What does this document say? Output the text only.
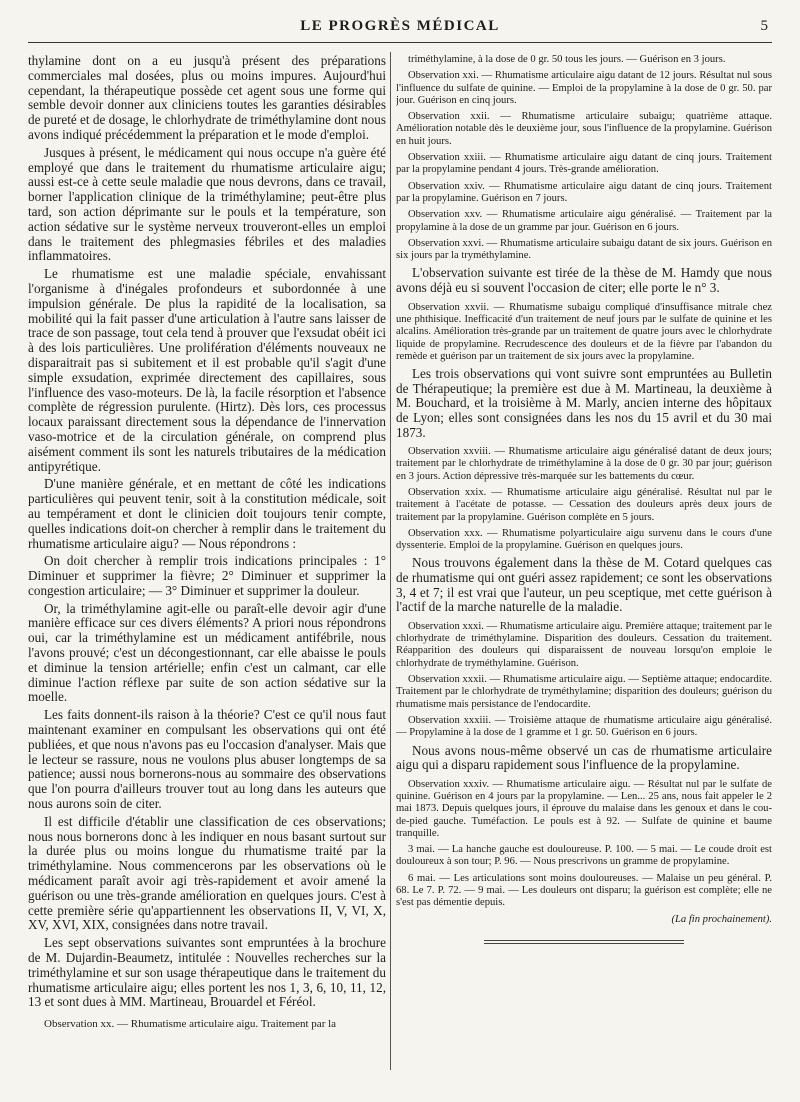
LE PROGRÈS MÉDICAL	5

thylamine dont on a eu jusqu'à présent des préparations commerciales mal dosées, plus ou moins impures. Aujourd'hui cependant, la thérapeutique possède cet agent sous une forme qui semble devoir donner aux cliniciens toutes les garanties désirables de pureté et de dosage, le chlorhydrate de triméthylamine dont nous avons indiqué précédemment la préparation et le mode d'emploi.

Jusques à présent, le médicament qui nous occupe n'a guère été employé que dans le traitement du rhumatisme articulaire aigu; aussi est-ce à cette seule maladie que nous devrons, dans ce travail, borner l'application clinique de la triméthylamine; peut-être plus tard, son action déprimante sur le pouls et la température, son action sédative sur le système nerveux trouveront-elles un emploi dans le traitement des phlegmasies fébriles et des maladies inflammatoires.

Le rhumatisme est une maladie spéciale, envahissant l'organisme à d'inégales profondeurs et subordonnée à une impulsion générale. De plus la rapidité de la localisation, sa mobilité qui la fait passer d'une articulation à l'autre sans laisser de trace de son passage, tout cela tend à prouver que l'exsudat obéit ici à des lois particulières. Une prolifération d'éléments nouveaux ne disparaitrait pas si subitement et il est probable qu'il s'agit d'une simple exsudation, exprimée directement des capillaires, sous l'influence des vaso-moteurs. De là, la facile résorption et l'absence complète de régression purulente. (Hirtz). Dès lors, ces processus locaux paraissant directement sous la dépendance de l'innervation vaso-motrice et de la circulation générale, on comprend plus aisément comment ils sont les naturels tributaires de la médication antipyrétique.

D'une manière générale, et en mettant de côté les indications particulières qui peuvent tenir, soit à la constitution médicale, soit au tempérament et dont le clinicien doit toujours tenir compte, quelles indications doit-on chercher à remplir dans le traitement du rhumatisme articulaire aigu? — Nous répondrons :

On doit chercher à remplir trois indications principales : 1° Diminuer et supprimer la fièvre; 2° Diminuer et supprimer la congestion articulaire; — 3° Diminuer et supprimer la douleur.

Or, la triméthylamine agit-elle ou paraît-elle devoir agir d'une manière efficace sur ces divers éléments? A priori nous répondrons oui, car la triméthylamine est un médicament antifébrile, nous l'avons prouvé; c'est un décongestionnant, car elle abaisse le pouls et diminue la tension artérielle; enfin c'est un calmant, car elle diminue l'action réflexe par suite de son action sédative sur la moelle.

Les faits donnent-ils raison à la théorie? C'est ce qu'il nous faut maintenant examiner en compulsant les observations qui ont été publiées, et que nous n'avons pas eu l'occasion d'analyser. Mais que le lecteur se rassure, nous ne voulons plus abuser longtemps de sa patience; aussi nous bornerons-nous au sommaire des observations que l'on pourra d'ailleurs trouver tout au long dans les auteurs que nous aurons soin de citer.

Il est difficile d'établir une classification de ces observations; nous nous bornerons donc à les indiquer en nous basant surtout sur la durée plus ou moins longue du rhumatisme traité par la triméthylamine. Nous commencerons par les observations où le médicament paraît avoir agi très-rapidement et avoir amené la guérison ou une très-grande amélioration en quelques jours. C'est à cette première série qu'appartiennent les observations II, V, VI, X, XV, XVI, XIX, consignées dans notre travail.

Les sept observations suivantes sont empruntées à la brochure de M. Dujardin-Beaumetz, intitulée : Nouvelles recherches sur la triméthylamine et sur son usage thérapeutique dans le traitement du rhumatisme articulaire aigu; elles portent les nos 1, 3, 6, 10, 11, 12, 13 et sont dues à MM. Martineau, Brouardel et Féréol.

Observation xx. — Rhumatisme articulaire aigu. Traitement par la

triméthylamine, à la dose de 0 gr. 50 tous les jours. — Guérison en 3 jours.

Observation xxi. — Rhumatisme articulaire aigu datant de 12 jours. Résultat nul sous l'influence du sulfate de quinine. — Emploi de la propylamine à la dose de 0 gr. 50. par jour. Guérison en cinq jours.

Observation xxii. — Rhumatisme articulaire subaigu; quatrième attaque. Amélioration notable dès le deuxième jour, sous l'influence de la propylamine. Guérison en huit jours.

Observation xxiii. — Rhumatisme articulaire aigu datant de cinq jours. Traitement par la propylamine pendant 4 jours. Très-grande amélioration.

Observation xxiv. — Rhumatisme articulaire aigu datant de cinq jours. Traitement par la propylamine. Guérison en 7 jours.

Observation xxv. — Rhumatisme articulaire aigu généralisé. — Traitement par la propylamine à la dose de un gramme par jour. Guérison en 6 jours.

Observation xxvi. — Rhumatisme articulaire subaigu datant de six jours. Guérison en six jours par la tryméthylamine.

L'observation suivante est tirée de la thèse de M. Hamdy que nous avons déjà eu si souvent l'occasion de citer; elle porte le n° 3.

Observation xxvii. — Rhumatisme subaigu compliqué d'insuffisance mitrale chez une phthisique. Inefficacité d'un traitement de neuf jours par le sulfate de quinine et les alcalins. Amélioration très-grande par un traitement de quatre jours avec le chlorhydrate liquide de propylamine. Recrudescence des douleurs et de la fièvre par l'abandon du remède et guérison par un traitement de six jours avec la propylamine.

Les trois observations qui vont suivre sont empruntées au Bulletin de Thérapeutique; la première est due à M. Martineau, la deuxième à M. Bouchard, et la troisième à M. Marly, ancien interne des hôpitaux de Lyon; elles sont consignées dans les nos du 15 avril et du 30 mai 1873.

Observation xxviii. — Rhumatisme articulaire aigu généralisé datant de deux jours; traitement par le chlorhydrate de triméthylamine à la dose de 0 gr. 30 par jour; guérison en 3 jours. Action dépressive très-marquée sur les battements du cœur.

Observation xxix. — Rhumatisme articulaire aigu généralisé. Résultat nul par le traitement à l'acétate de potasse. — Cessation des douleurs après deux jours de traitement par la propylamine. Guérison complète en 5 jours.

Observation xxx. — Rhumatisme polyarticulaire aigu survenu dans le cours d'une dyssenterie. Emploi de la propylamine. Guérison en quelques jours.

Nous trouvons également dans la thèse de M. Cotard quelques cas de rhumatisme qui ont guéri assez rapidement; ce sont les observations 3, 4 et 7; il est vrai que l'auteur, un peu sceptique, met cette guérison à l'actif de la marche naturelle de la maladie.

Observation xxxi. — Rhumatisme articulaire aigu. Première attaque; traitement par le chlorhydrate de triméthylamine. Disparition des douleurs. Cessation du traitement. Réapparition des douleurs qui disparaissent de nouveau lorsqu'on emploie le chlorhydrate de tryméthylamine. Guérison.

Observation xxxii. — Rhumatisme articulaire aigu. — Septième attaque; endocardite. Traitement par le chlorhydrate de tryméthylamine; disparition des douleurs; guérison du rhumatisme mais persistance de l'endocardite.

Observation xxxiii. — Troisième attaque de rhumatisme articulaire aigu généralisé. — Propylamine à la dose de 1 gramme et 1 gr. 50. Guérison en 6 jours.

Nous avons nous-même observé un cas de rhumatisme articulaire aigu qui a disparu rapidement sous l'influence de la propylamine.

Observation xxxiv. — Rhumatisme articulaire aigu. — Résultat nul par le sulfate de quinine. Guérison en 4 jours par la propylamine. — Len... 25 ans, nous fait appeler le 2 mai 1873. Depuis quelques jours, il éprouve du malaise dans les genoux et dans le cou-de-pied gauche. Tuméfaction. Le pouls est à 92. — Sulfate de quinine et baume tranquille.

3 mai. — La hanche gauche est douloureuse. P. 100. — 5 mai. — Le coude droit est douloureux à son tour; P. 96. — Nous prescrivons un gramme de propylamine.

6 mai. — Les articulations sont moins douloureuses. — Malaise un peu général. P. 68. Le 7. P. 72. — 9 mai. — Les douleurs ont disparu; la guérison est complète; elle ne s'est pas démentie depuis.

(La fin prochainement).
